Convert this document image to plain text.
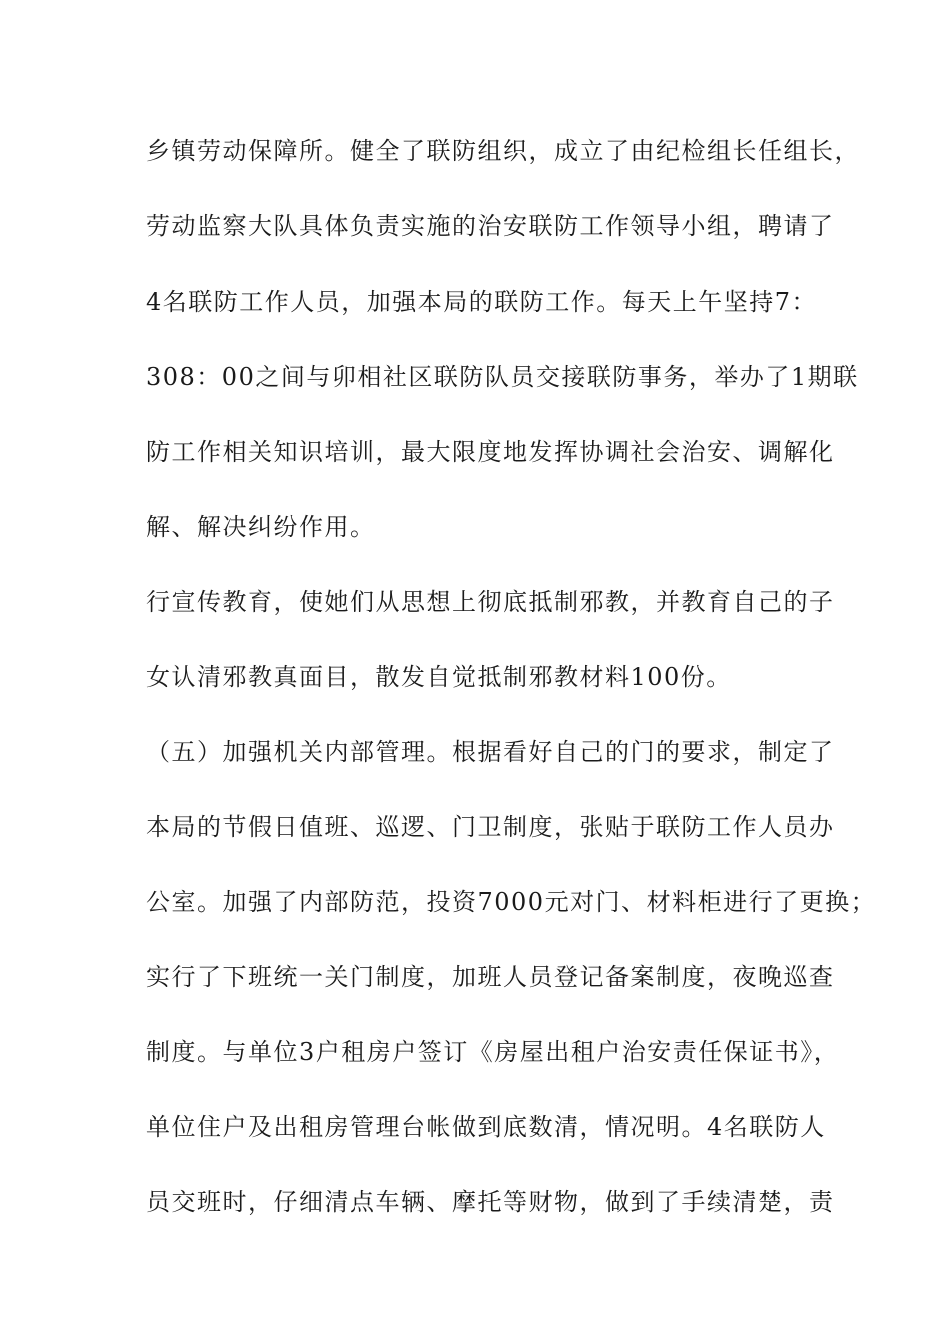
乡镇劳动保障所。健全了联防组织，成立了由纪检组长任组长，
劳动监察大队具体负责实施的治安联防工作领导小组，聘请了
4名联防工作人员，加强本局的联防工作。每天上午坚持7：
308：00之间与卯相社区联防队员交接联防事务，举办了1期联
防工作相关知识培训，最大限度地发挥协调社会治安、调解化
解、解决纠纷作用。
行宣传教育，使她们从思想上彻底抵制邪教，并教育自己的子
女认清邪教真面目，散发自觉抵制邪教材料100份。
（五）加强机关内部管理。根据看好自己的门的要求，制定了
本局的节假日值班、巡逻、门卫制度，张贴于联防工作人员办
公室。加强了内部防范，投资7000元对门、材料柜进行了更换；
实行了下班统一关门制度，加班人员登记备案制度，夜晚巡查
制度。与单位3户租房户签订《房屋出租户治安责任保证书》，
单位住户及出租房管理台帐做到底数清，情况明。4名联防人
员交班时，仔细清点车辆、摩托等财物，做到了手续清楚，责
